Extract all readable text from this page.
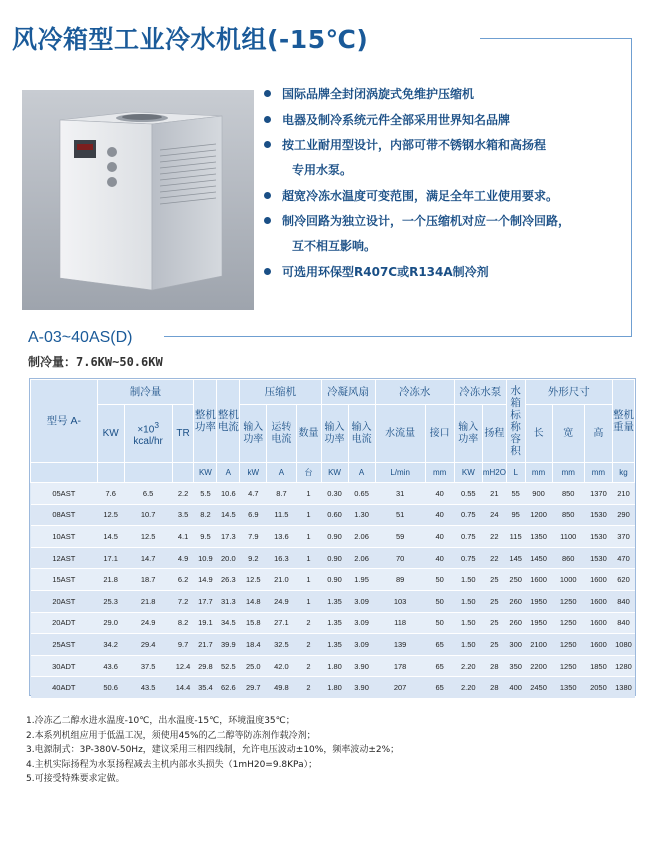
风冷箱型工业冷水机组(-15℃)
国际品牌全封闭涡旋式免维护压缩机
电器及制冷系统元件全部采用世界知名品牌
按工业耐用型设计，内部可带不锈钢水箱和高扬程
专用水泵。
超宽冷冻水温度可变范围，满足全年工业使用要求。
制冷回路为独立设计，一个压缩机对应一个制冷回路，
互不相互影响。
可选用环保型R407C或R134A制冷剂
A-03~40AS(D)
制冷量：7.6KW~50.6KW
型号 A-	制冷量			整机功率	整机电流	压缩机			冷凝风扇		冷冻水		冷冻水泵		水箱标称容积	外形尺寸			整机重量
	KW	$\times 10^3$
kcal/hr	TR			输入功率	运转电流	数量	输入功率	输入电流	水流量	接口	输入功率	扬程		长	宽	高	
				KW	A	kW	A	台	KW	A	L/min	mm	KW	mH2O	L	mm	mm	mm	kg
05AST	7.6	6.5	2.2	5.5	10.6	4.7	8.7	1	0.30	0.65	31	40	0.55	21	55	900	850	1370	210
08AST	12.5	10.7	3.5	8.2	14.5	6.9	11.5	1	0.60	1.30	51	40	0.75	24	95	1200	850	1530	290
10AST	14.5	12.5	4.1	9.5	17.3	7.9	13.6	1	0.90	2.06	59	40	0.75	22	115	1350	1100	1530	370
12AST	17.1	14.7	4.9	10.9	20.0	9.2	16.3	1	0.90	2.06	70	40	0.75	22	145	1450	860	1530	470
15AST	21.8	18.7	6.2	14.9	26.3	12.5	21.0	1	0.90	1.95	89	50	1.50	25	250	1600	1000	1600	620
20AST	25.3	21.8	7.2	17.7	31.3	14.8	24.9	1	1.35	3.09	103	50	1.50	25	260	1950	1250	1600	840
20ADT	29.0	24.9	8.2	19.1	34.5	15.8	27.1	2	1.35	3.09	118	50	1.50	25	260	1950	1250	1600	840
25AST	34.2	29.4	9.7	21.7	39.9	18.4	32.5	2	1.35	3.09	139	65	1.50	25	300	2100	1250	1600	1080
30ADT	43.6	37.5	12.4	29.8	52.5	25.0	42.0	2	1.80	3.90	178	65	2.20	28	350	2200	1250	1850	1280
40ADT	50.6	43.5	14.4	35.4	62.6	29.7	49.8	2	1.80	3.90	207	65	2.20	28	400	2450	1350	2050	1380
1.冷冻乙二醇水进水温度-10℃，出水温度-15℃，环境温度35℃；
2.本系列机组应用于低温工况，须使用45%的乙二醇等防冻剂作载冷剂；
3.电源制式：3P-380V-50Hz，建议采用三相四线制，允许电压波动±10%，频率波动±2%；
4.主机实际扬程为水泵扬程减去主机内部水头损失（1mH20=9.8KPa）；
5.可接受特殊要求定做。
